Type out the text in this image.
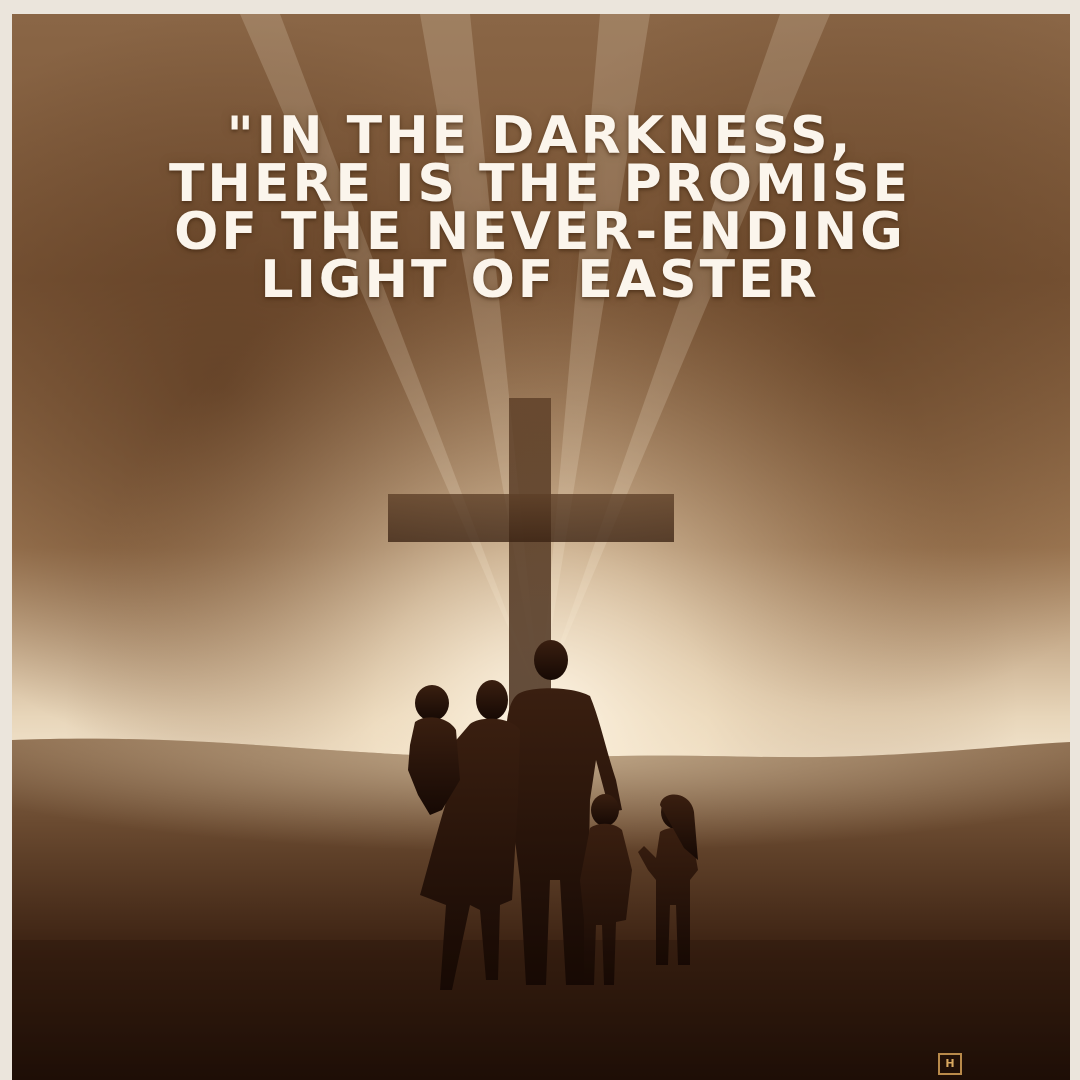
"IN THE DARKNESS, THERE IS THE PROMISE OF THE NEVER-ENDING LIGHT OF EASTER

H
